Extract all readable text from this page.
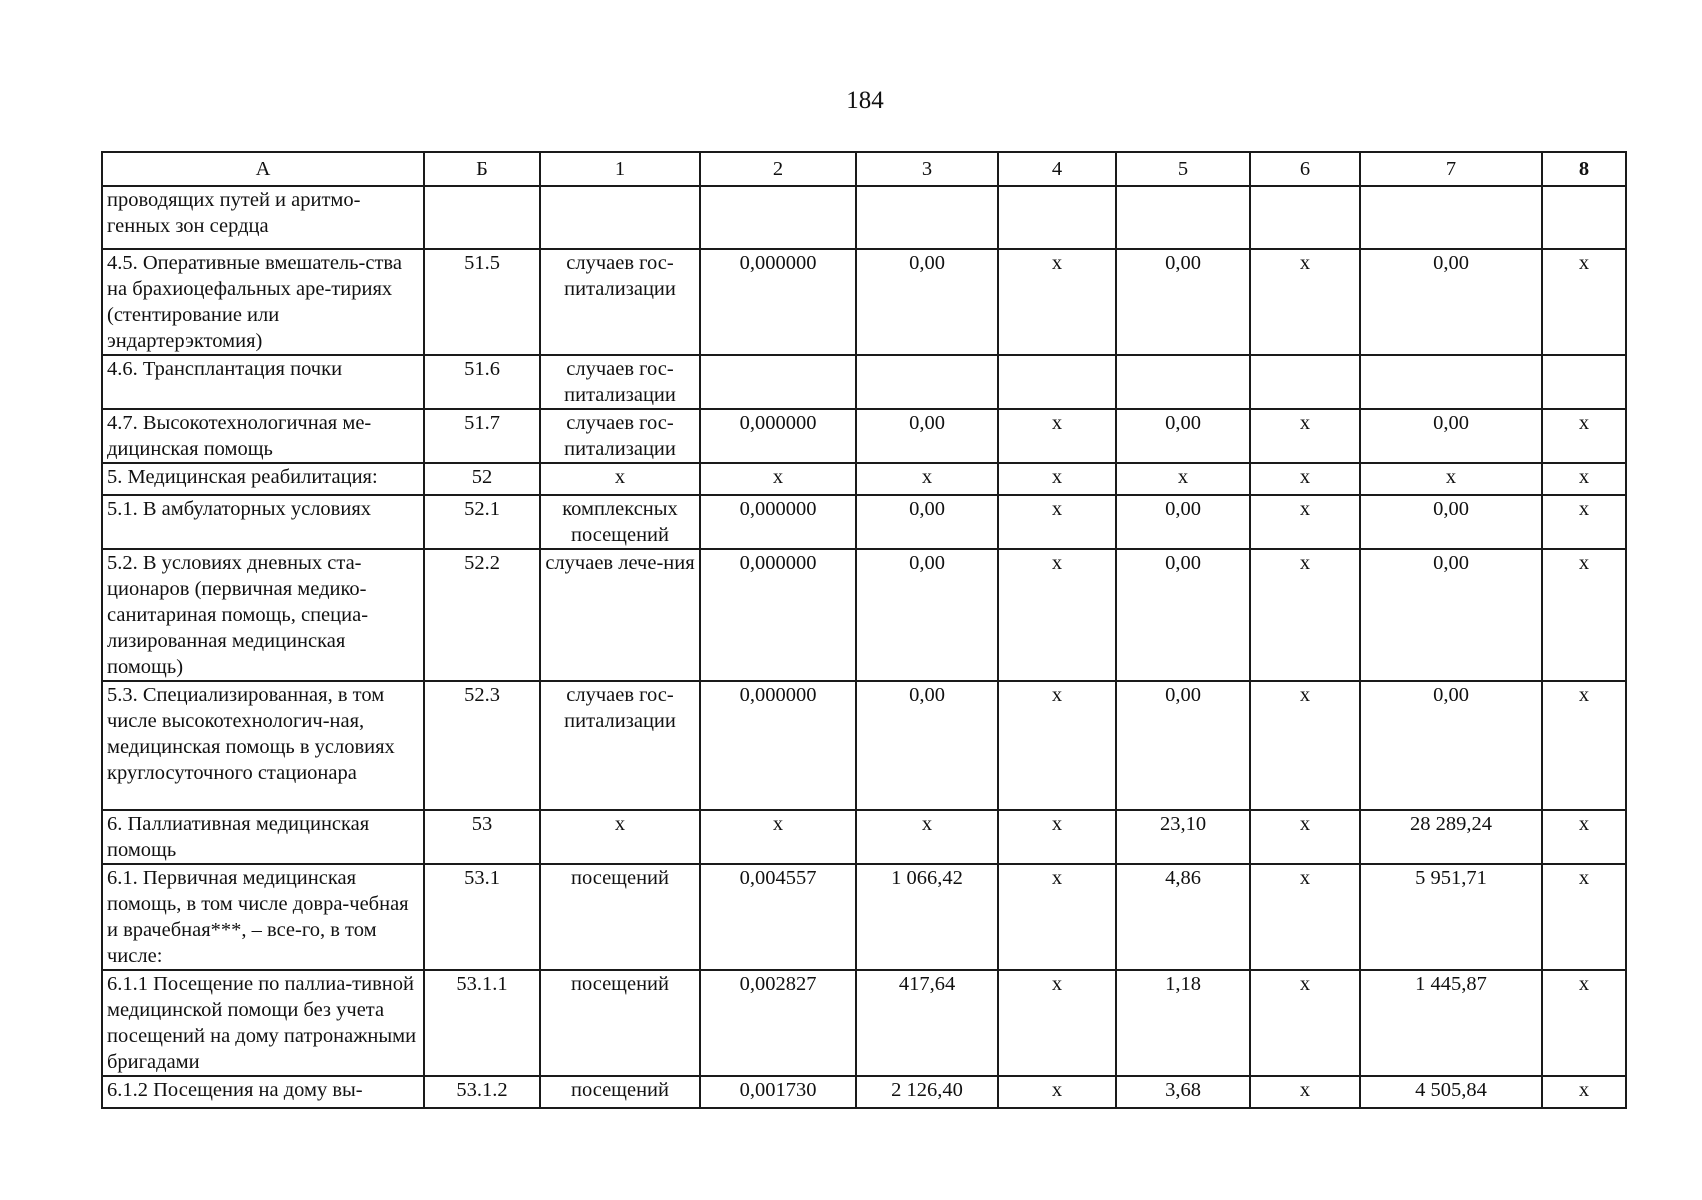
184
А	Б	1	2	3	4	5	6	7	8
проводящих путей и аритмо-генных зон сердца									
4.5. Оперативные вмешатель-ства на брахиоцефальных аре-тириях (стентирование или эндартерэктомия)	51.5	случаев гос-питализации	0,000000	0,00	х	0,00	х	0,00	х
4.6. Трансплантация почки	51.6	случаев гос-питализации							
4.7. Высокотехнологичная ме-дицинская помощь	51.7	случаев гос-питализации	0,000000	0,00	х	0,00	х	0,00	х
5. Медицинская реабилитация:	52	х	х	х	х	х	х	х	х
5.1. В амбулаторных условиях	52.1	комплексных посещений	0,000000	0,00	х	0,00	х	0,00	х
5.2. В условиях дневных ста-ционаров (первичная медико-санитариная помощь, специа-лизированная медицинская помощь)	52.2	случаев лече-ния	0,000000	0,00	х	0,00	х	0,00	х
5.3. Специализированная, в том числе высокотехнологич-ная, медицинская помощь в условиях круглосуточного стационара	52.3	случаев гос-питализации	0,000000	0,00	х	0,00	х	0,00	х
6. Паллиативная медицинская помощь	53	х	х	х	х	23,10	х	28 289,24	х
6.1. Первичная медицинская помощь, в том числе доврa-чебная и врачебная***, – все-го, в том числе:	53.1	посещений	0,004557	1 066,42	х	4,86	х	5 951,71	х
6.1.1 Посещение по паллиа-тивной медицинской помощи без учета посещений на дому патронажными бригадами	53.1.1	посещений	0,002827	417,64	х	1,18	х	1 445,87	х
6.1.2 Посещения на дому вы-	53.1.2	посещений	0,001730	2 126,40	х	3,68	х	4 505,84	х
